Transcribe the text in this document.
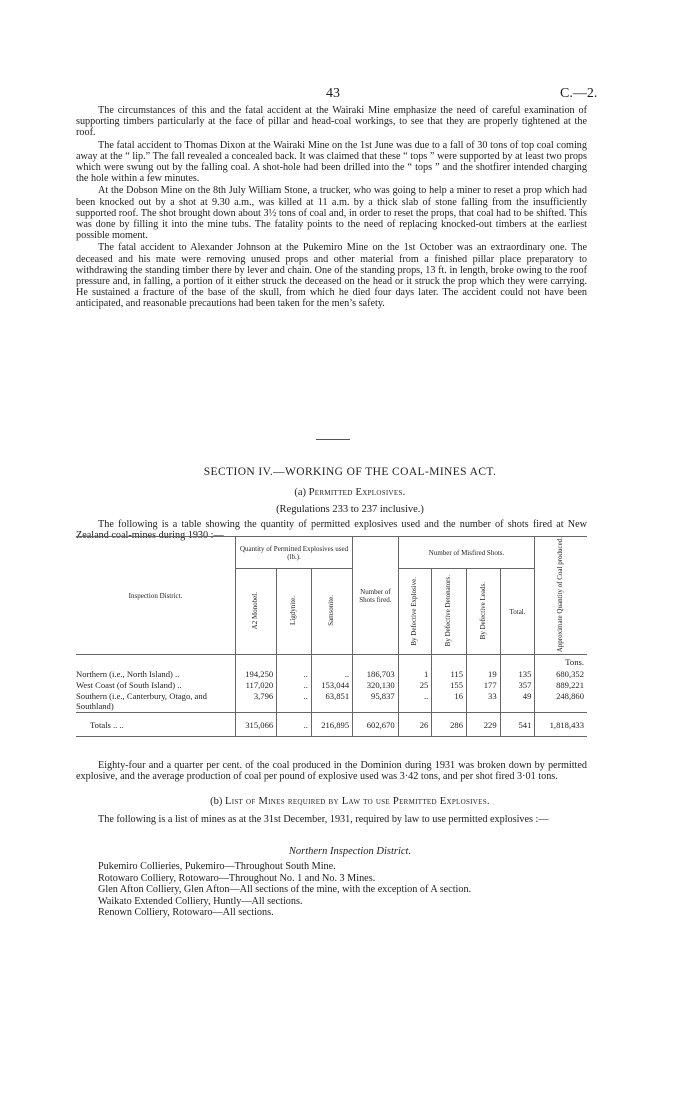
43	C.—2.

The circumstances of this and the fatal accident at the Wairaki Mine emphasize the need of careful examination of supporting timbers particularly at the face of pillar and head-coal workings, to see that they are properly tightened at the roof.

The fatal accident to Thomas Dixon at the Wairaki Mine on the 1st June was due to a fall of 30 tons of top coal coming away at the “ lip.” The fall revealed a concealed back. It was claimed that these “ tops ” were supported by at least two props which were swung out by the falling coal. A shot-hole had been drilled into the “ tops ” and the shotfirer intended charging the hole within a few minutes.

At the Dobson Mine on the 8th July William Stone, a trucker, who was going to help a miner to reset a prop which had been knocked out by a shot at 9.30 a.m., was killed at 11 a.m. by a thick slab of stone falling from the insufficiently supported roof. The shot brought down about 3½ tons of coal and, in order to reset the props, that coal had to be shifted. This was done by filling it into the mine tubs. The fatality points to the need of replacing knocked-out timbers at the earliest possible moment.

The fatal accident to Alexander Johnson at the Pukemiro Mine on the 1st October was an extraordinary one. The deceased and his mate were removing unused props and other material from a finished pillar place preparatory to withdrawing the standing timber there by lever and chain. One of the standing props, 13 ft. in length, broke owing to the roof pressure and, in falling, a portion of it either struck the deceased on the head or it struck the prop which they were carrying. He sustained a fracture of the base of the skull, from which he died four days later. The accident could not have been anticipated, and reasonable precautions had been taken for the men’s safety.

SECTION IV.—WORKING OF THE COAL-MINES ACT.
(a) Permitted Explosives.
(Regulations 233 to 237 inclusive.)

The following is a table showing the quantity of permitted explosives used and the number of shots fired at New Zealand coal-mines during 1930 :—

Inspection District.	Quantity of Permitted Explosives used (lb.).			Number of Shots fired.	Number of Misfired Shots.				Approximate Quantity of Coal produced.
	A2 Monobel.	Ligdynite.	Samsonite.		By Defective Explosive.	By Defective Detonators.	By Defective Leads.	Total.	
									Tons.
Northern (i.e., North Island) ..	194,250	..	..	186,703	1	115	19	135	680,352
West Coast (of South Island) ..	117,020	..	153,044	320,130	25	155	177	357	889,221
Southern (i.e., Canterbury, Otago, and Southland)	3,796	..	63,851	95,837	..	16	33	49	248,860
Totals .. ..	315,066	..	216,895	602,670	26	286	229	541	1,818,433

Eighty-four and a quarter per cent. of the coal produced in the Dominion during 1931 was broken down by permitted explosive, and the average production of coal per pound of explosive used was 3·42 tons, and per shot fired 3·01 tons.

(b) List of Mines required by Law to use Permitted Explosives.

The following is a list of mines as at the 31st December, 1931, required by law to use permitted explosives :—

Northern Inspection District.
Pukemiro Collieries, Pukemiro—Throughout South Mine.
Rotowaro Colliery, Rotowaro—Throughout No. 1 and No. 3 Mines.
Glen Afton Colliery, Glen Afton—All sections of the mine, with the exception of A section.
Waikato Extended Colliery, Huntly—All sections.
Renown Colliery, Rotowaro—All sections.
